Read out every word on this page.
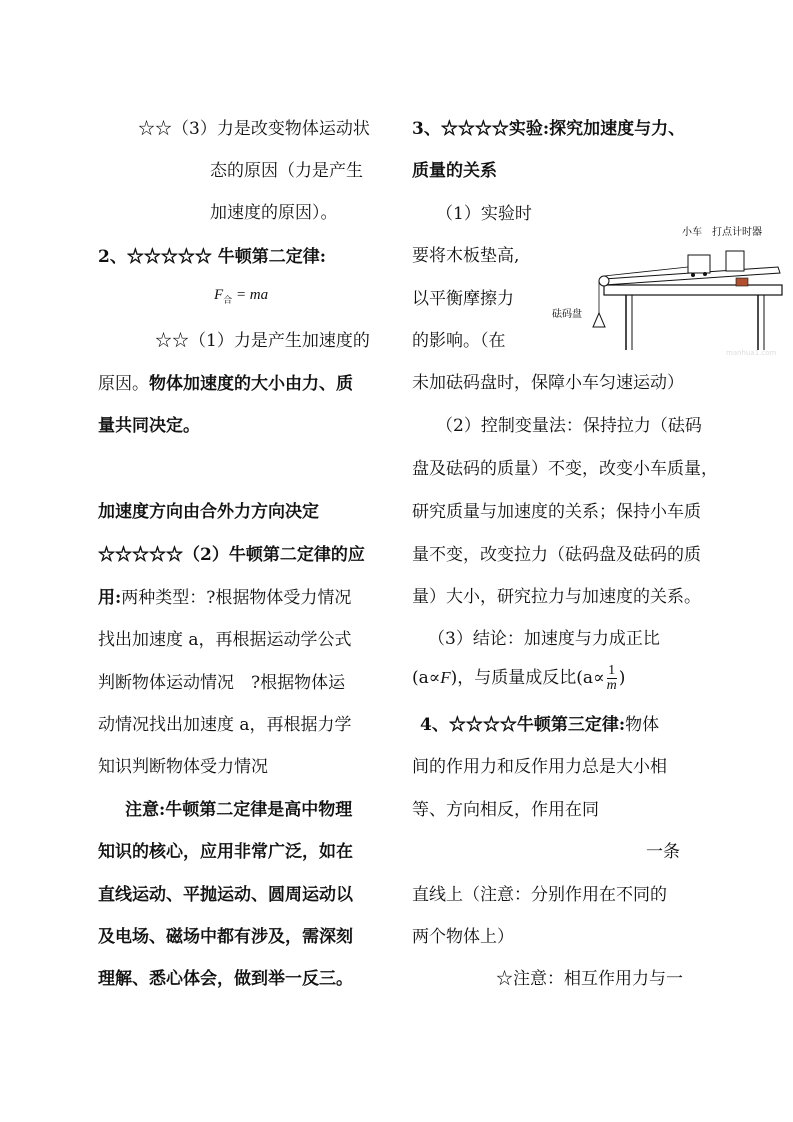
☆☆（3）力是改变物体运动状
态的原因（力是产生
加速度的原因）。
2、☆☆☆☆☆ 牛顿第二定律:
$F_合$ = ma
☆☆（1）力是产生加速度的
原因。物体加速度的大小由力、质
量共同决定。
加速度方向由合外力方向决定
☆☆☆☆☆（2）牛顿第二定律的应
用:两种类型：?根据物体受力情况
找出加速度 a，再根据运动学公式
判断物体运动情况　?根据物体运
动情况找出加速度 a，再根据力学
知识判断物体受力情况
注意:牛顿第二定律是高中物理
知识的核心，应用非常广泛，如在
直线运动、平抛运动、圆周运动以
及电场、磁场中都有涉及，需深刻
理解、悉心体会，做到举一反三。
3、☆☆☆☆实验:探究加速度与力、
质量的关系
（1）实验时
要将木板垫高,
以平衡摩擦力
的影响。（在
未加砝码盘时，保障小车匀速运动）
（2）控制变量法：保持拉力（砝码
盘及砝码的质量）不变，改变小车质量，
研究质量与加速度的关系；保持小车质
量不变，改变拉力（砝码盘及砝码的质
量）大小，研究拉力与加速度的关系。
（3）结论：加速度与力成正比
(a∝F)，与质量成反比($a\propto \frac{1}{m}$ )
4、☆☆☆☆牛顿第三定律:物体
间的作用力和反作用力总是大小相
等、方向相反，作用在同
一条
直线上（注意：分别作用在不同的
两个物体上）
☆注意：相互作用力与一
小车 打点计时器
砝码盘
manhua1.com
